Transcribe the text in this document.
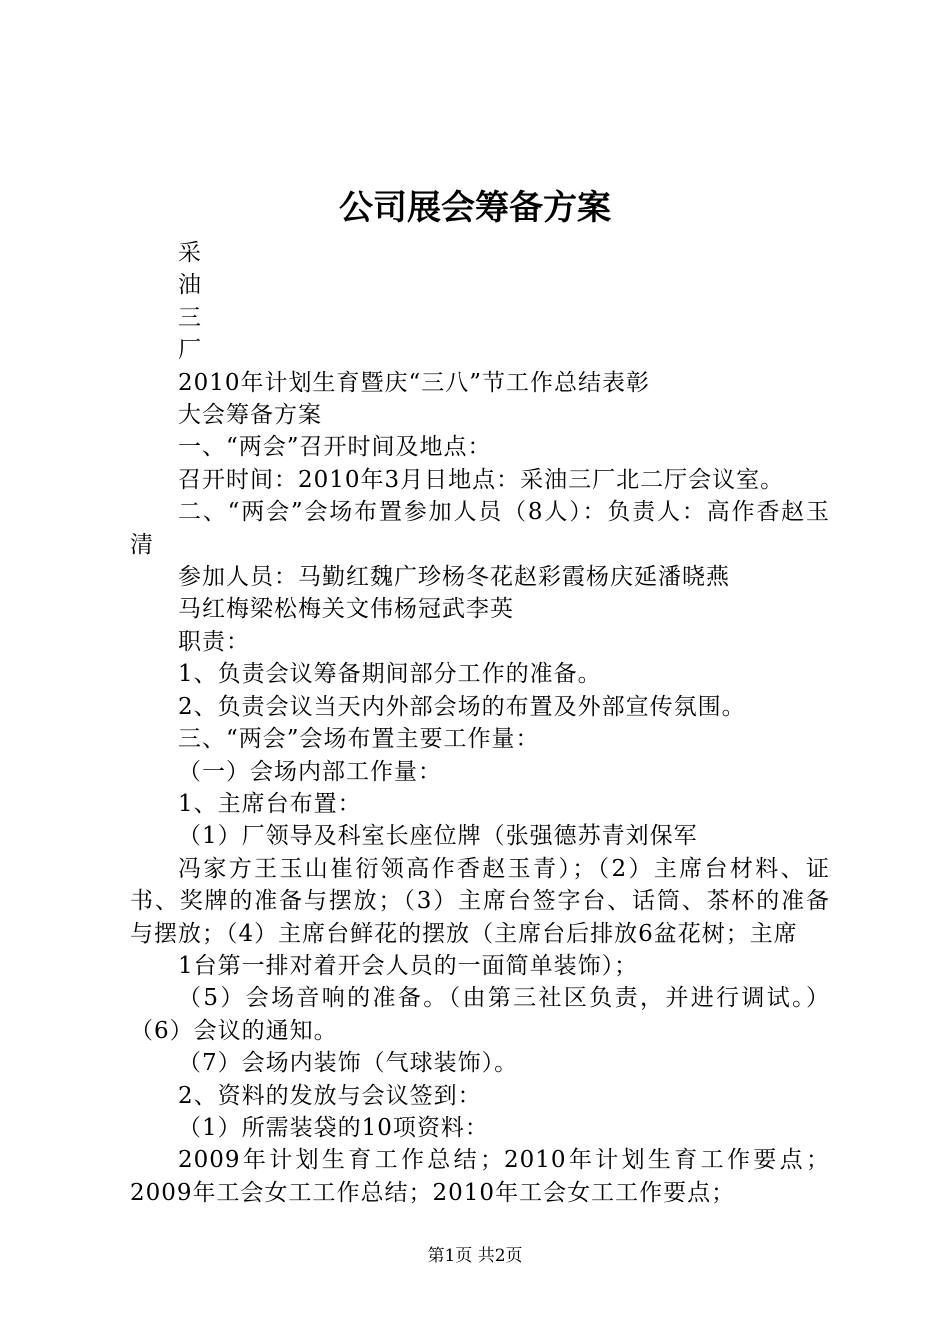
公司展会筹备方案

采

油

三

厂

2010年计划生育暨庆“三八”节工作总结表彰

大会筹备方案

一、“两会”召开时间及地点：

召开时间：2010年3月日地点：采油三厂北二厅会议室。

二、“两会”会场布置参加人员（8人）：负责人：高作香赵玉清

参加人员：马勤红魏广珍杨冬花赵彩霞杨庆延潘晓燕

马红梅梁松梅关文伟杨冠武李英

职责：

1、负责会议筹备期间部分工作的准备。

2、负责会议当天内外部会场的布置及外部宣传氛围。

三、“两会”会场布置主要工作量：

（一）会场内部工作量：

1、主席台布置：

（1）厂领导及科室长座位牌（张强德苏青刘保军

冯家方王玉山崔衍领高作香赵玉青）；（2）主席台材料、证书、奖牌的准备与摆放；（3）主席台签字台、话筒、茶杯的准备与摆放；（4）主席台鲜花的摆放（主席台后排放6盆花树；主席

1台第一排对着开会人员的一面简单装饰）；

（5）会场音响的准备。（由第三社区负责，并进行调试。）（6）会议的通知。

（7）会场内装饰（气球装饰）。

2、资料的发放与会议签到：

（1）所需装袋的10项资料：

2009年计划生育工作总结；2010年计划生育工作要点；2009年工会女工工作总结；2010年工会女工工作要点；

第1页 共2页
